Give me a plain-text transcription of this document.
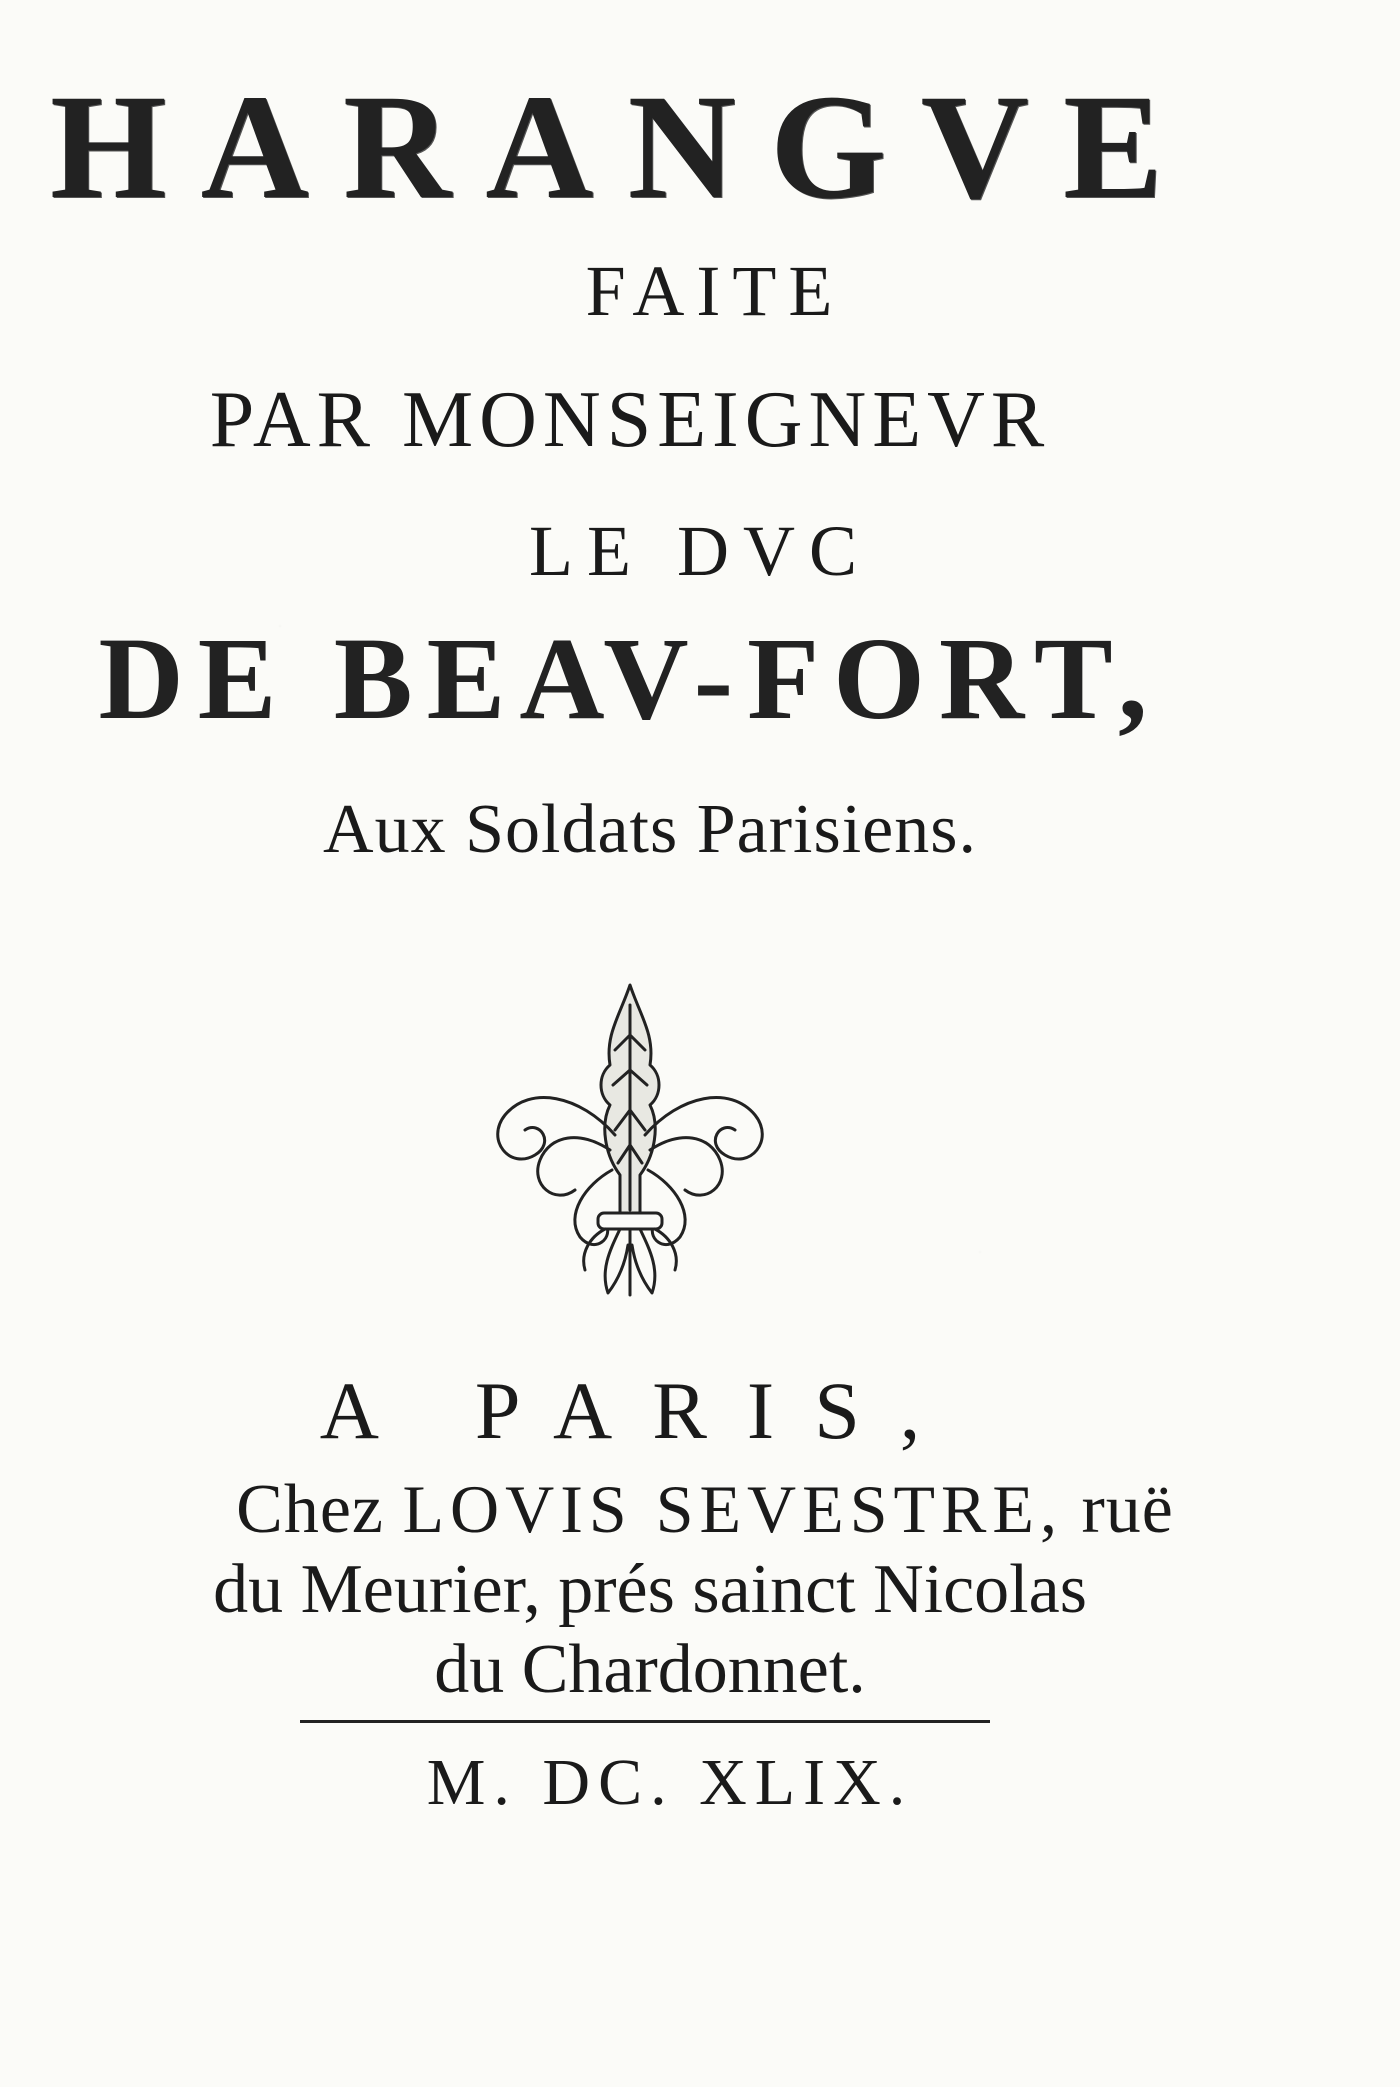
HARANGVE
FAITE
PAR MONSEIGNEVR
LE DVC
DE BEAV-FORT,
Aux Soldats Parisiens.
A PARIS,
Chez LOVIS SEVESTRE, ruë
du Meurier, prés sainct Nicolas
du Chardonnet.
M. DC. XLIX.
